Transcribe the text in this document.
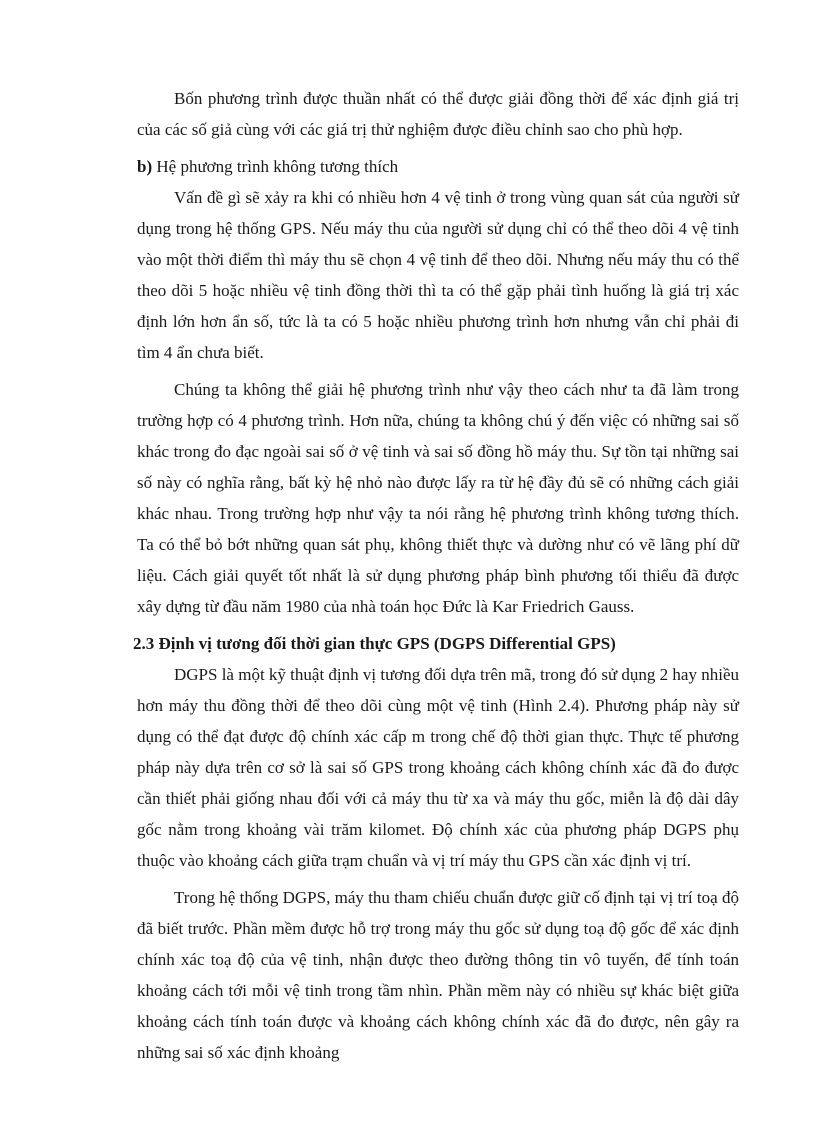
Bốn phương trình được thuần nhất có thể được giải đồng thời để xác định giá trị của các số giả cùng với các giá trị thử nghiệm được điều chỉnh sao cho phù hợp.

b) Hệ phương trình không tương thích

Vấn đề gì sẽ xảy ra khi có nhiều hơn 4 vệ tinh ở trong vùng quan sát của người sử dụng trong hệ thống GPS. Nếu máy thu của người sử dụng chỉ có thể theo dõi 4 vệ tinh vào một thời điểm thì máy thu sẽ chọn 4 vệ tinh để theo dõi. Nhưng nếu máy thu có thể theo dõi 5 hoặc nhiều vệ tinh đồng thời thì ta có thể gặp phải tình huống là giá trị xác định lớn hơn ẩn số, tức là ta có 5 hoặc nhiều phương trình hơn nhưng vẫn chỉ phải đi tìm 4 ẩn chưa biết.

Chúng ta không thể giải hệ phương trình như vậy theo cách như ta đã làm trong trường hợp có 4 phương trình. Hơn nữa, chúng ta không chú ý đến việc có những sai số khác trong đo đạc ngoài sai số ở vệ tinh và sai số đồng hồ máy thu. Sự tồn tại những sai số này có nghĩa rằng, bất kỳ hệ nhỏ nào được lấy ra từ hệ đầy đủ sẽ có những cách giải khác nhau. Trong trường hợp như vậy ta nói rằng hệ phương trình không tương thích. Ta có thể bỏ bớt những quan sát phụ, không thiết thực và dường như có vẽ lãng phí dữ liệu. Cách giải quyết tốt nhất là sử dụng phương pháp bình phương tối thiểu đã được xây dựng từ đầu năm 1980 của nhà toán học Đức là Kar Friedrich Gauss.

2.3 Định vị tương đối thời gian thực GPS (DGPS Differential GPS)

DGPS là một kỹ thuật định vị tương đối dựa trên mã, trong đó sử dụng 2 hay nhiều hơn máy thu đồng thời để theo dõi cùng một vệ tinh (Hình 2.4). Phương pháp này sử dụng có thể đạt được độ chính xác cấp m trong chế độ thời gian thực. Thực tế phương pháp này dựa trên cơ sở là sai số GPS trong khoảng cách không chính xác đã đo được cần thiết phải giống nhau đối với cả máy thu từ xa và máy thu gốc, miễn là độ dài dây gốc nằm trong khoảng vài trăm kilomet. Độ chính xác của phương pháp DGPS phụ thuộc vào khoảng cách giữa trạm chuẩn và vị trí máy thu GPS cần xác định vị trí.

Trong hệ thống DGPS, máy thu tham chiếu chuẩn được giữ cố định tại vị trí toạ độ đã biết trước. Phần mềm được hỗ trợ trong máy thu gốc sử dụng toạ độ gốc để xác định chính xác toạ độ của vệ tinh, nhận được theo đường thông tin vô tuyến, để tính toán khoảng cách tới mỗi vệ tinh trong tầm nhìn. Phần mềm này có nhiều sự khác biệt giữa khoảng cách tính toán được và khoảng cách không chính xác đã đo được, nên gây ra những sai số xác định khoảng
